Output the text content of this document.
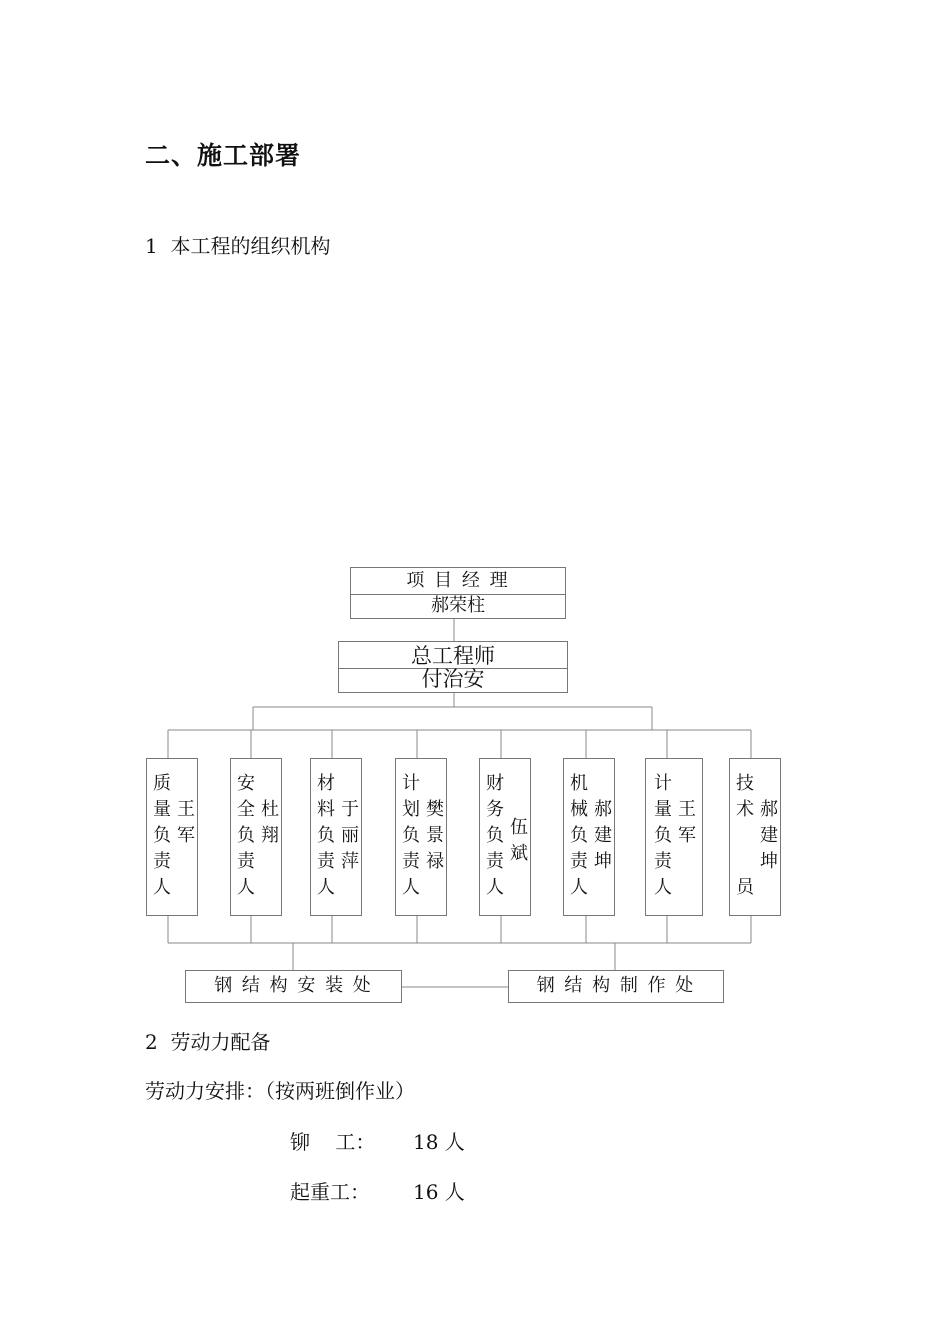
二、施工部署
1  本工程的组织机构
项 目 经 理
郝荣柱
总工程师
付治安
质
量
负
责
人
王
军
安
全
负
责
人
杜
翔
材
料
负
责
人
于
丽
萍
计
划
负
责
人
樊
景
禄
财
务
负
责
人
伍
斌
机
械
负
责
人
郝
建
坤
计
量
负
责
人
王
军
技
术

员
郝
建
坤
钢 结 构 安 装 处	钢 结 构 制 作 处
2  劳动力配备
劳动力安排：（按两班倒作业）
铆    工： 18 人
起重工： 16 人
